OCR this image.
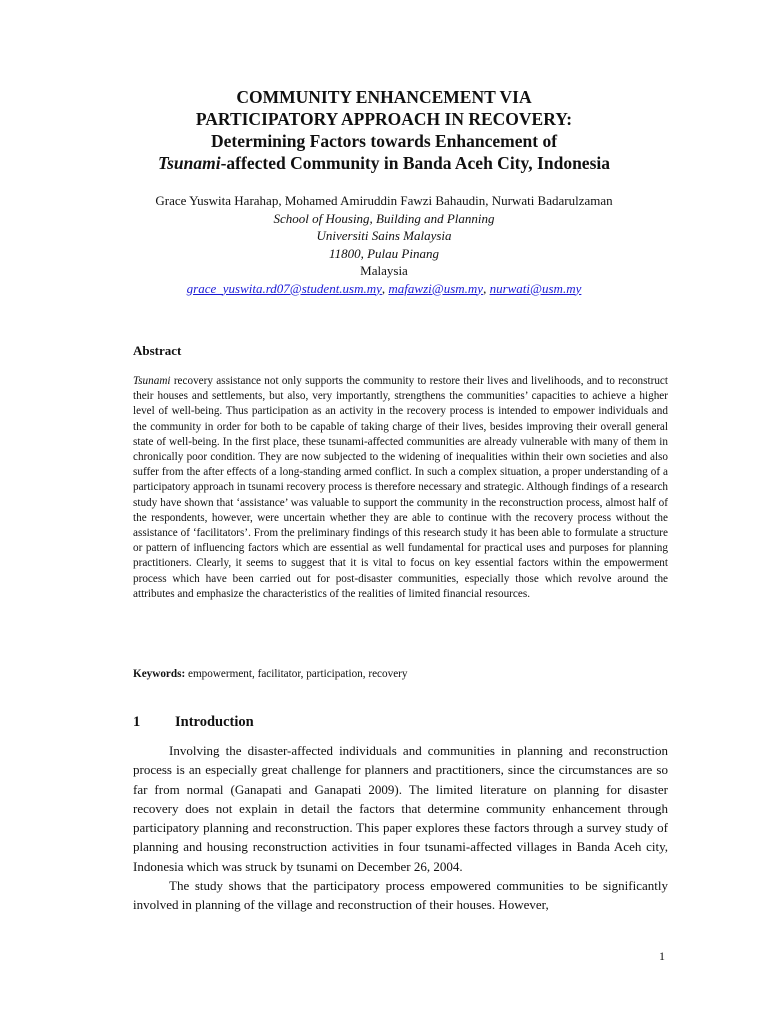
COMMUNITY ENHANCEMENT VIA
PARTICIPATORY APPROACH IN RECOVERY:
Determining Factors towards Enhancement of
Tsunami-affected Community in Banda Aceh City, Indonesia
Grace Yuswita Harahap, Mohamed Amiruddin Fawzi Bahaudin, Nurwati Badarulzaman
School of Housing, Building and Planning
Universiti Sains Malaysia
11800, Pulau Pinang
Malaysia
grace_yuswita.rd07@student.usm.my, mafawzi@usm.my, nurwati@usm.my
Abstract
Tsunami recovery assistance not only supports the community to restore their lives and livelihoods, and to reconstruct their houses and settlements, but also, very importantly, strengthens the communities’ capacities to achieve a higher level of well-being. Thus participation as an activity in the recovery process is intended to empower individuals and the community in order for both to be capable of taking charge of their lives, besides improving their overall general state of well-being. In the first place, these tsunami-affected communities are already vulnerable with many of them in chronically poor condition. They are now subjected to the widening of inequalities within their own societies and also suffer from the after effects of a long-standing armed conflict. In such a complex situation, a proper understanding of a participatory approach in tsunami recovery process is therefore necessary and strategic. Although findings of a research study have shown that ‘assistance’ was valuable to support the community in the reconstruction process, almost half of the respondents, however, were uncertain whether they are able to continue with the recovery process without the assistance of ‘facilitators’. From the preliminary findings of this research study it has been able to formulate a structure or pattern of influencing factors which are essential as well fundamental for practical uses and purposes for planning practitioners. Clearly, it seems to suggest that it is vital to focus on key essential factors within the empowerment process which have been carried out for post-disaster communities, especially those which revolve around the attributes and emphasize the characteristics of the realities of limited financial resources.
Keywords: empowerment, facilitator, participation, recovery
1 Introduction

Involving the disaster-affected individuals and communities in planning and reconstruction process is an especially great challenge for planners and practitioners, since the circumstances are so far from normal (Ganapati and Ganapati 2009). The limited literature on planning for disaster recovery does not explain in detail the factors that determine community enhancement through participatory planning and reconstruction. This paper explores these factors through a survey study of planning and housing reconstruction activities in four tsunami-affected villages in Banda Aceh city, Indonesia which was struck by tsunami on December 26, 2004.

The study shows that the participatory process empowered communities to be significantly involved in planning of the village and reconstruction of their houses. However,

1
